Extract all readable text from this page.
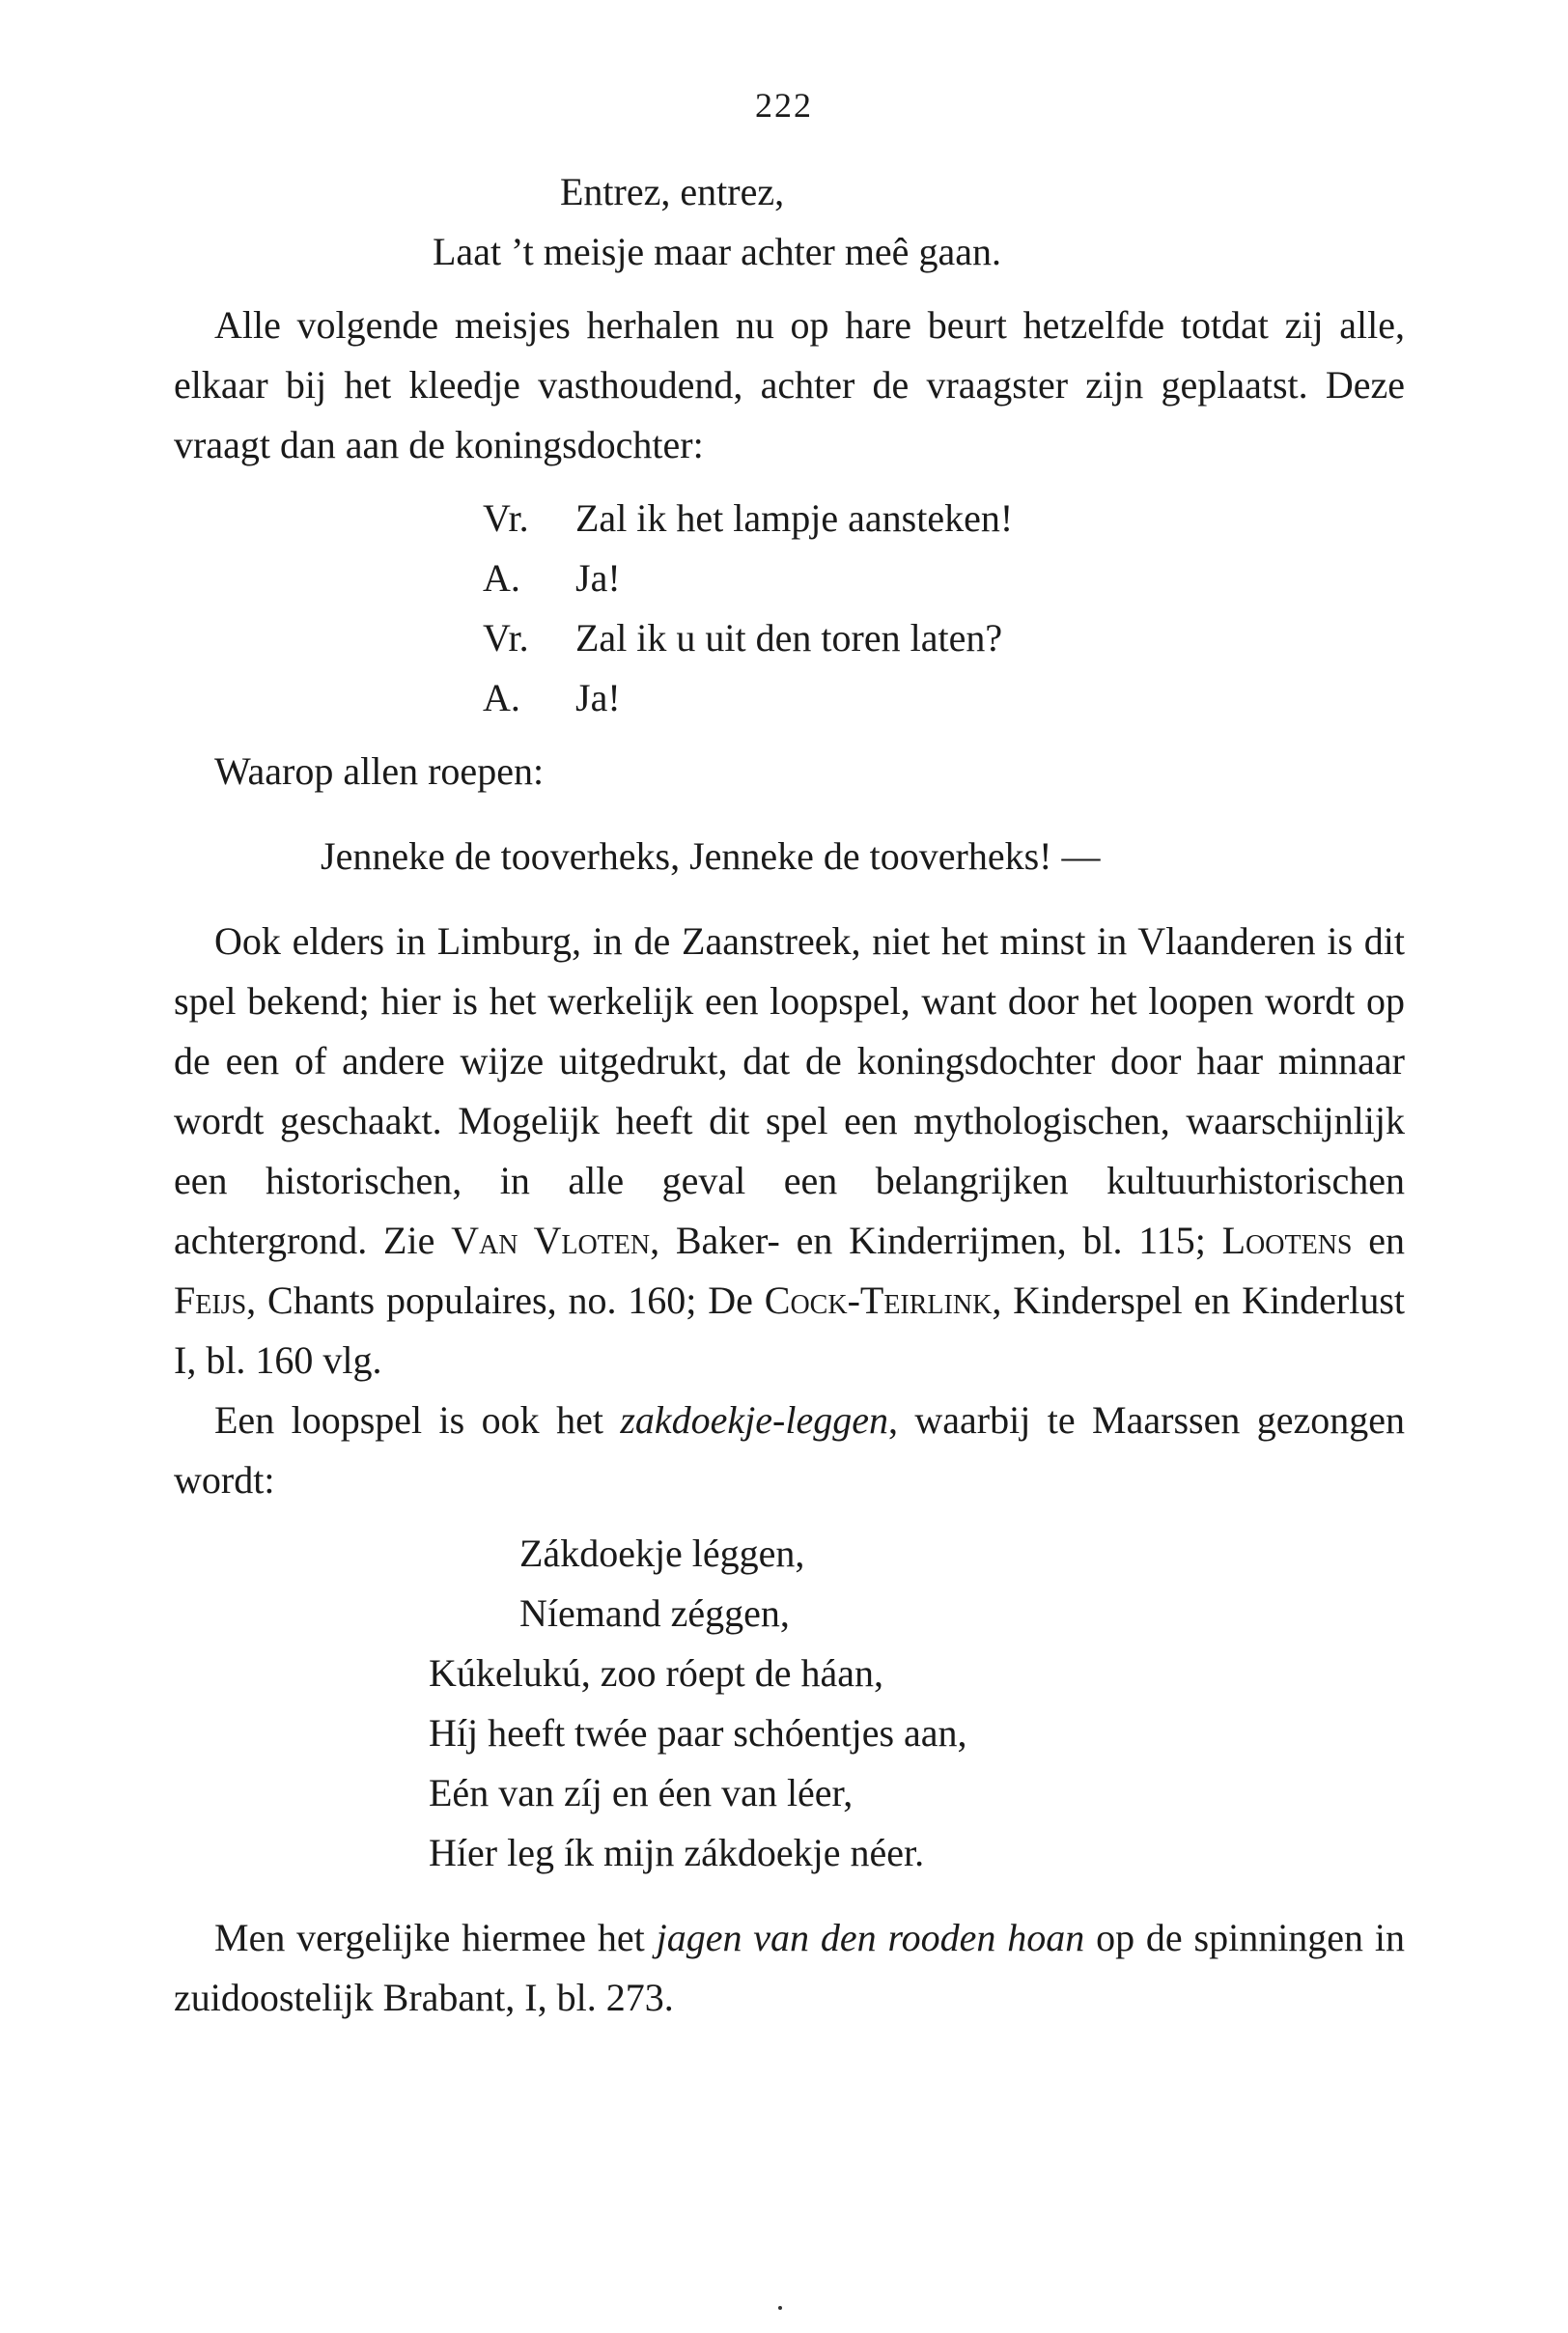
222

Entrez, entrez,

Laat ’t meisje maar achter meê gaan.

Alle volgende meisjes herhalen nu op hare beurt hetzelfde totdat zij alle, elkaar bij het kleedje vasthoudend, achter de vraagster zijn geplaatst. Deze vraagt dan aan de koningsdochter:

Vr. Zal ik het lampje aansteken!
A. Ja!
Vr. Zal ik u uit den toren laten?
A. Ja!

Waarop allen roepen:

Jenneke de tooverheks, Jenneke de tooverheks! —

Ook elders in Limburg, in de Zaanstreek, niet het minst in Vlaanderen is dit spel bekend; hier is het werkelijk een loopspel, want door het loopen wordt op de een of andere wijze uitgedrukt, dat de koningsdochter door haar minnaar wordt geschaakt. Mogelijk heeft dit spel een mythologischen, waarschijnlijk een historischen, in alle geval een belangrijken kultuurhistorischen achtergrond. Zie Van Vloten, Baker- en Kinderrijmen, bl. 115; Lootens en Feijs, Chants populaires, no. 160; De Cock-Teirlink, Kinderspel en Kinderlust I, bl. 160 vlg.

Een loopspel is ook het zakdoekje-leggen, waarbij te Maarssen gezongen wordt:

Zákdoekje léggen,

Níemand zéggen,

Kúkelukú, zoo róept de háan,

Híj heeft twée paar schóentjes aan,

Eén van zíj en éen van léer,

Híer leg ík mijn zákdoekje néer.

Men vergelijke hiermee het jagen van den rooden hoan op de spinningen in zuidoostelijk Brabant, I, bl. 273.
